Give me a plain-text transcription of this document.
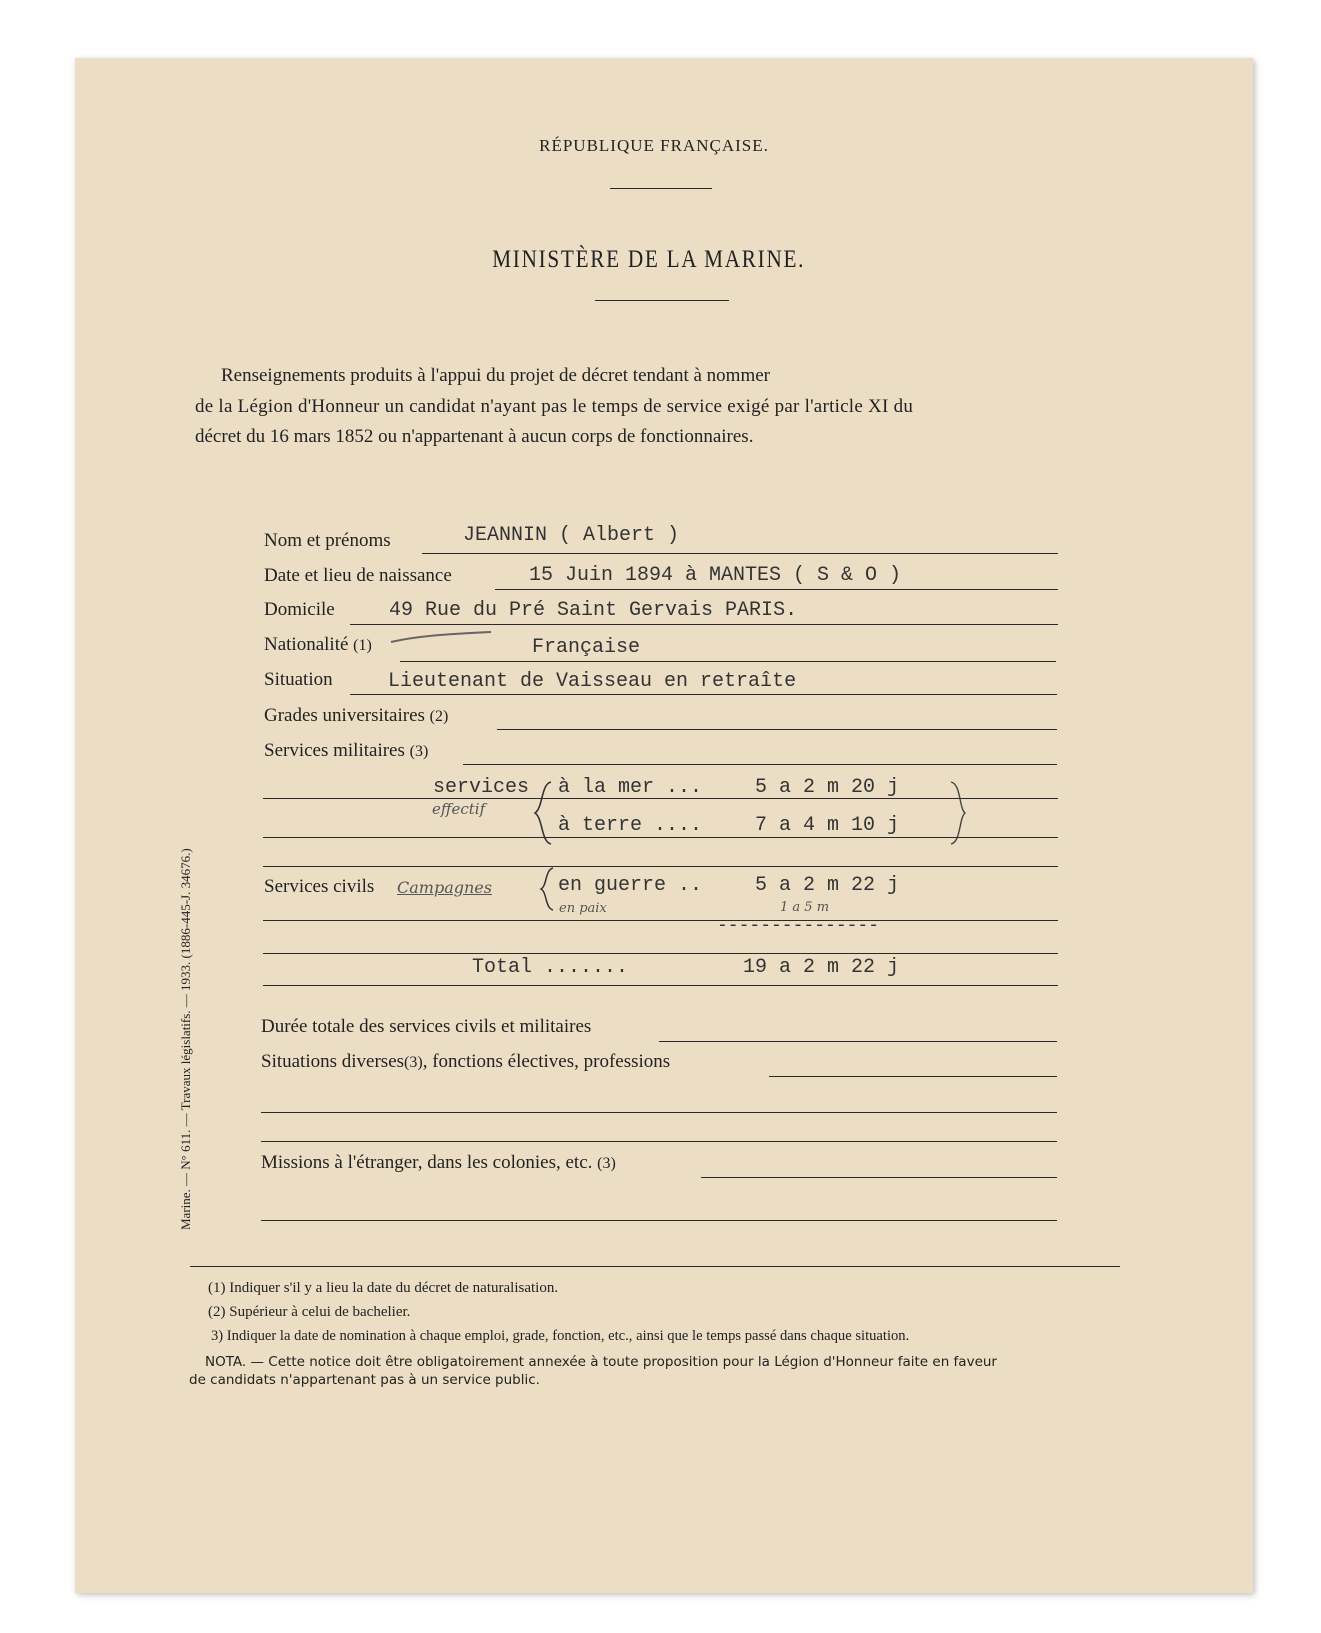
RÉPUBLIQUE FRANÇAISE.
MINISTÈRE DE LA MARINE.
Renseignements produits à l'appui du projet de décret tendant à nommer
de la Légion d'Honneur un candidat n'ayant pas le temps de service exigé par l'article XI du
décret du 16 mars 1852 ou n'appartenant à aucun corps de fonctionnaires.
Nom et prénoms	JEANNIN ( Albert )
Date et lieu de naissance	15 Juin 1894 à MANTES ( S & O )
Domicile	49 Rue du Pré Saint Gervais PARIS.
Nationalité (1)	Française
Situation	Lieutenant de Vaisseau en retraîte
Grades universitaires (2)
Services militaires (3)
services à la mer ...	5 a 2 m 20 j
effectif
à terre ....	7 a 4 m 10 j
Services civils Campagnes	en guerre ..	5 a 2 m 22 j
en paix	1 a 5 m
---------------
Total .......	19 a 2 m 22 j
Durée totale des services civils et militaires
Situations diverses(3), fonctions électives, professions
Missions à l'étranger, dans les colonies, etc. (3)
(1) Indiquer s'il y a lieu la date du décret de naturalisation.
(2) Supérieur à celui de bachelier.
3) Indiquer la date de nomination à chaque emploi, grade, fonction, etc., ainsi que le temps passé dans chaque situation.
NOTA. — Cette notice doit être obligatoirement annexée à toute proposition pour la Légion d'Honneur faite en faveur
de candidats n'appartenant pas à un service public.
Marine. — N° 611. — Travaux législatifs. — 1933. (1886-445-J. 34676.)
